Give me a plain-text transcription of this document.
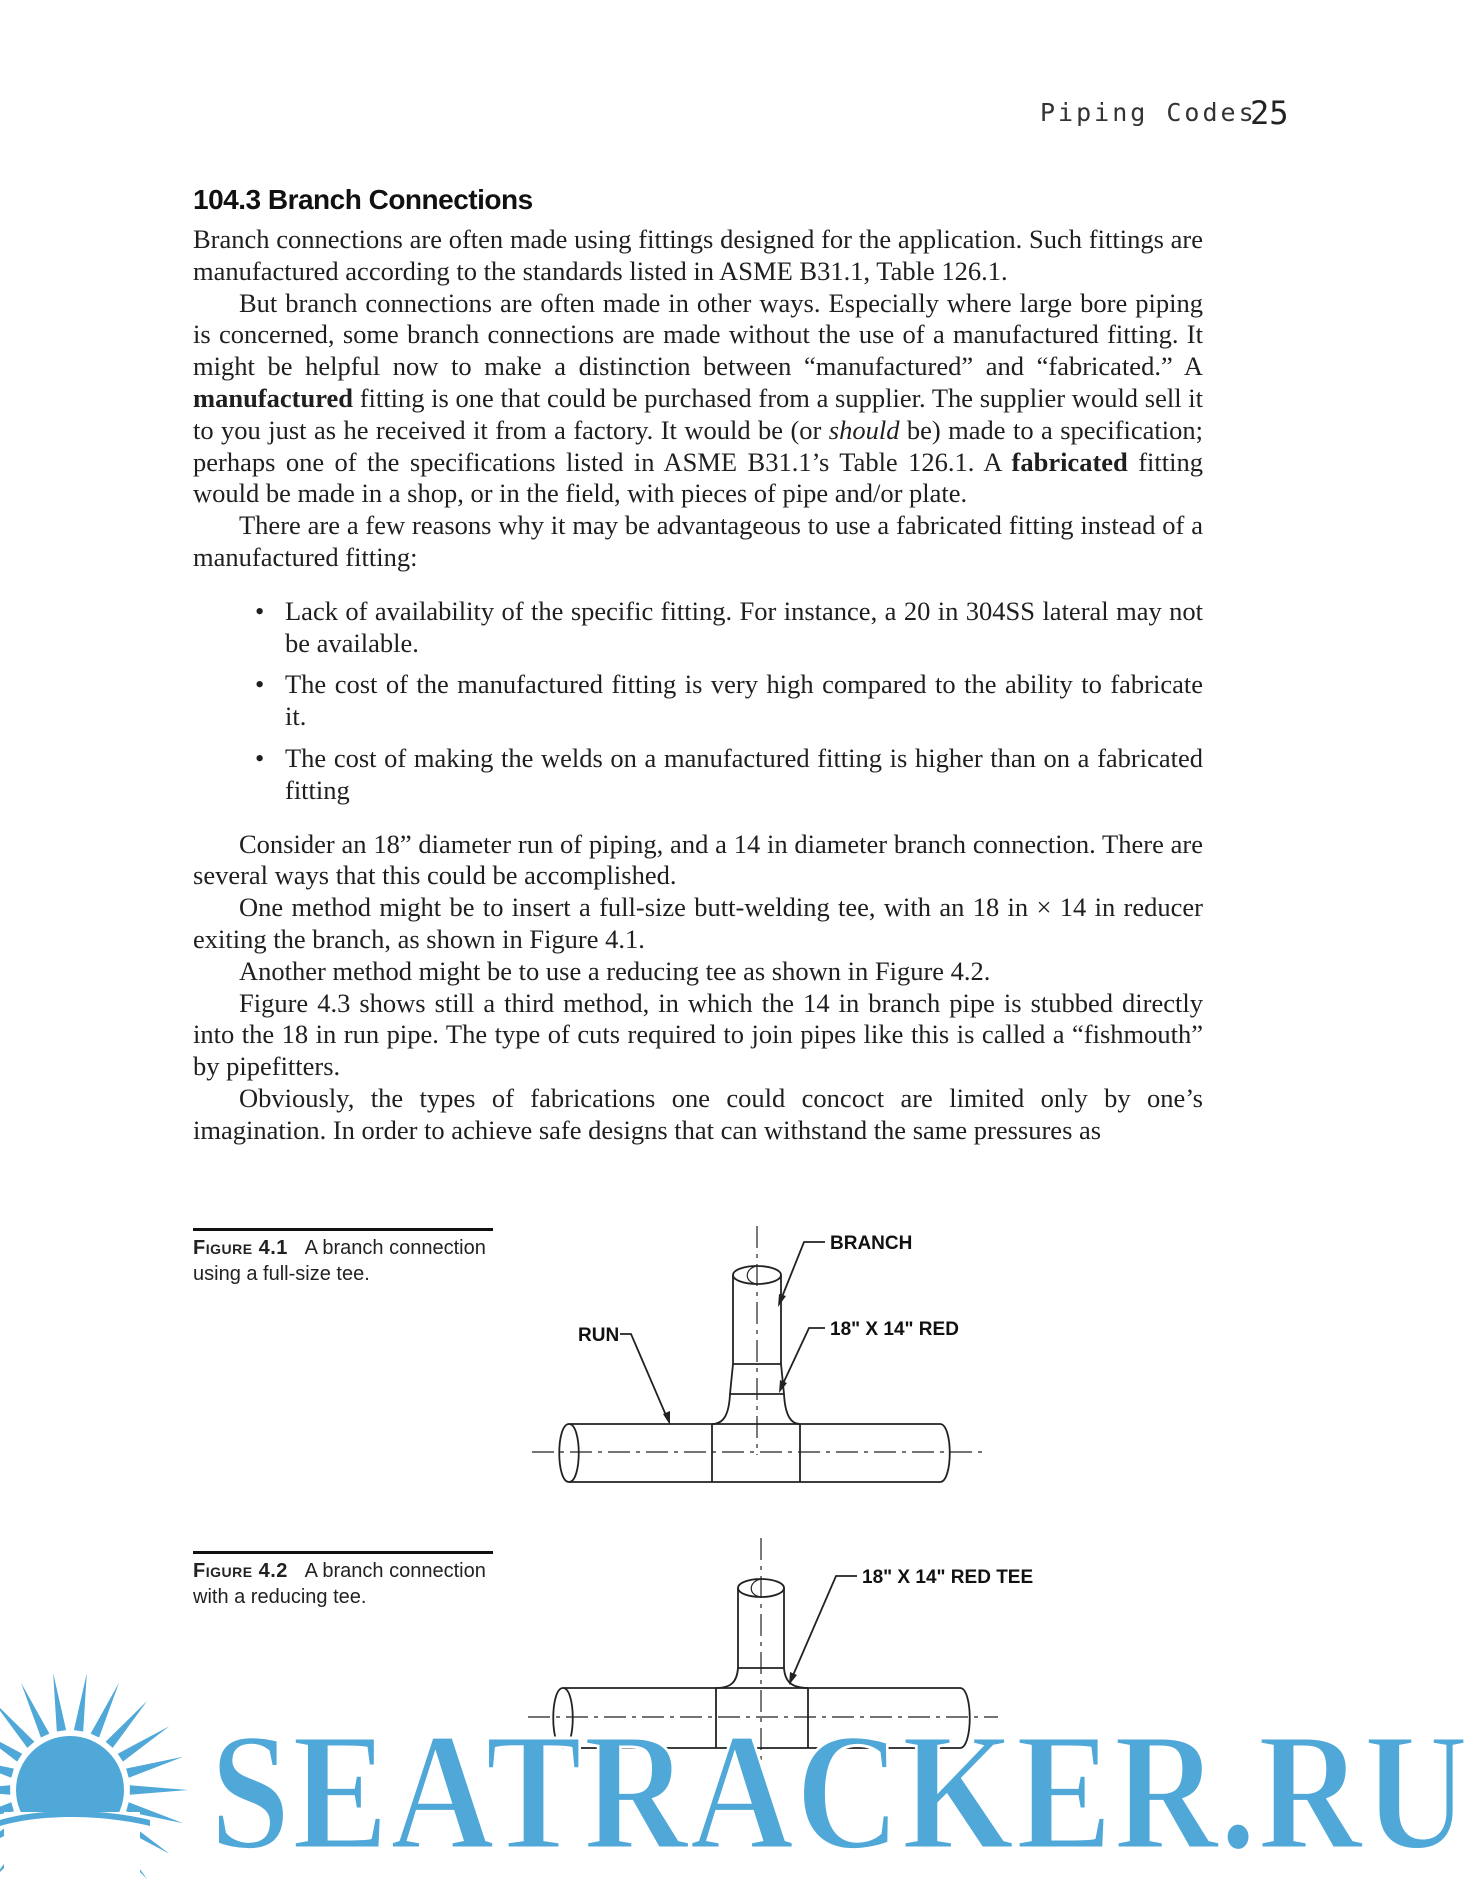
Piping Codes
25
104.3 Branch Connections

Branch connections are often made using fittings designed for the application. Such fittings are manufactured according to the standards listed in ASME B31.1, Table 126.1.

But branch connections are often made in other ways. Especially where large bore piping is concerned, some branch connections are made without the use of a manufactured fitting. It might be helpful now to make a distinction between “manufactured” and “fabricated.” A manufactured fitting is one that could be purchased from a supplier. The supplier would sell it to you just as he received it from a factory. It would be (or should be) made to a specification; perhaps one of the specifications listed in ASME B31.1’s Table 126.1. A fabricated fitting would be made in a shop, or in the field, with pieces of pipe and/or plate.

There are a few reasons why it may be advantageous to use a fabricated fitting instead of a manufactured fitting:

• Lack of availability of the specific fitting. For instance, a 20 in 304SS lateral may not be available.
• The cost of the manufactured fitting is very high compared to the ability to fabricate it.
• The cost of making the welds on a manufactured fitting is higher than on a fabricated fitting

Consider an 18” diameter run of piping, and a 14 in diameter branch connection. There are several ways that this could be accomplished.

One method might be to insert a full-size butt-welding tee, with an 18 in × 14 in reducer exiting the branch, as shown in Figure 4.1.

Another method might be to use a reducing tee as shown in Figure 4.2.

Figure 4.3 shows still a third method, in which the 14 in branch pipe is stubbed directly into the 18 in run pipe. The type of cuts required to join pipes like this is called a “fishmouth” by pipefitters.

Obviously, the types of fabrications one could concoct are limited only by one’s imagination. In order to achieve safe designs that can withstand the same pressures as

Figure 4.1 A branch connection using a full-size tee.
Figure 4.2 A branch connection with a reducing tee.
BRANCH
18" X 14" RED
RUN
18" X 14" RED TEE
SEATRACKER.RU
